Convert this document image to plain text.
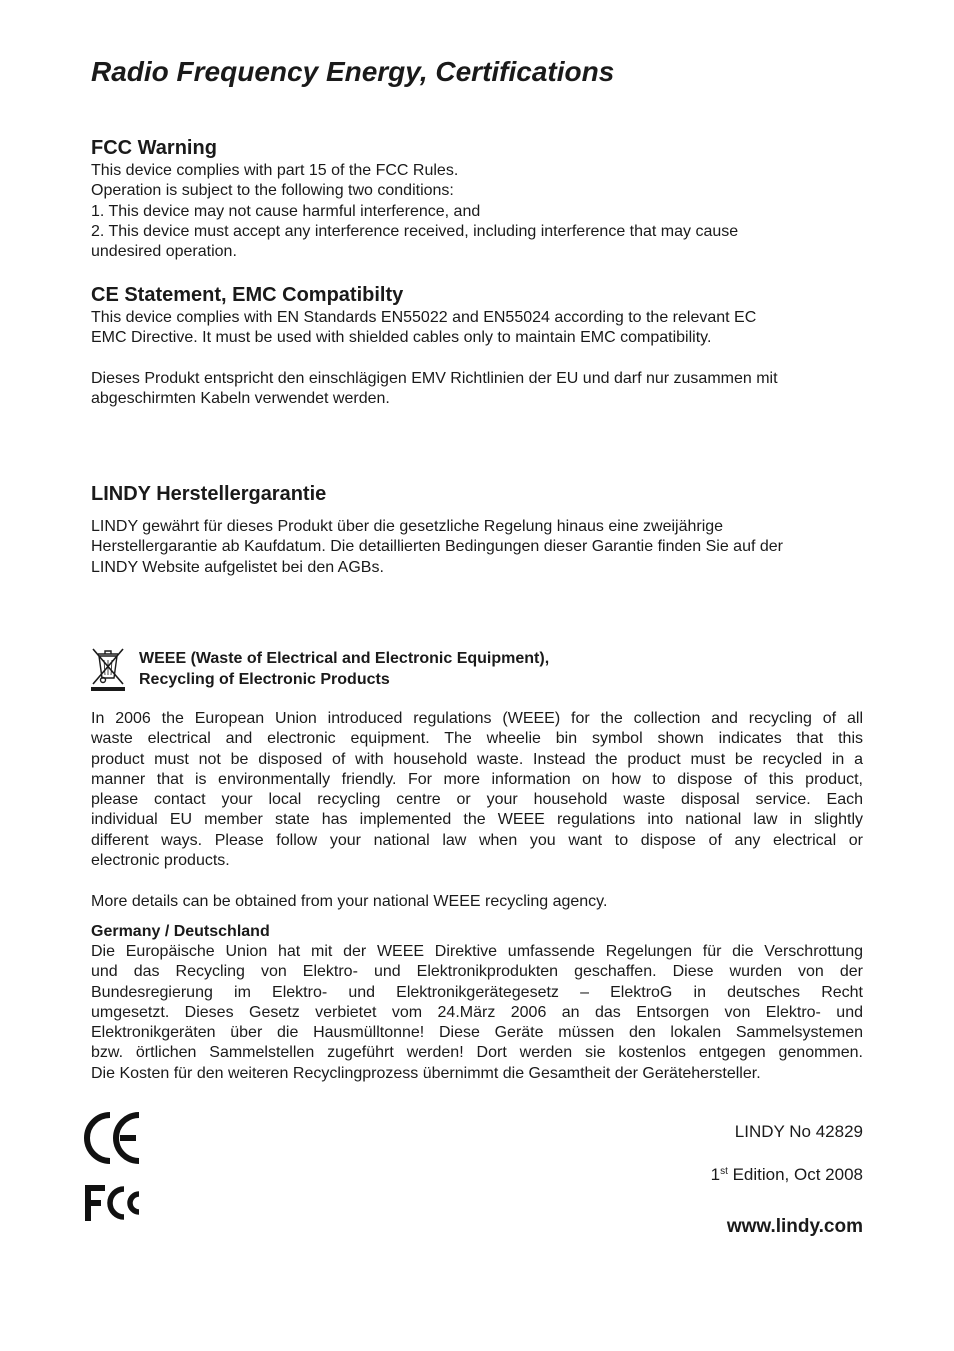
Radio Frequency Energy, Certifications
FCC Warning
This device complies with part 15 of the FCC Rules.
Operation is subject to the following two conditions:
1. This device may not cause harmful interference, and
2. This device must accept any interference received, including interference that may cause
undesired operation.
CE Statement, EMC Compatibilty
This device complies with EN Standards EN55022 and EN55024 according to the relevant EC
EMC Directive. It must be used with shielded cables only to maintain EMC compatibility.
Dieses Produkt entspricht den einschlägigen EMV Richtlinien der EU und darf nur zusammen mit
abgeschirmten Kabeln verwendet werden.
LINDY Herstellergarantie
LINDY gewährt für dieses Produkt über die gesetzliche Regelung hinaus eine zweijährige
Herstellergarantie ab Kaufdatum. Die detaillierten Bedingungen dieser Garantie finden Sie auf der
LINDY Website aufgelistet bei den AGBs.
WEEE (Waste of Electrical and Electronic Equipment),
Recycling of Electronic Products
In 2006 the European Union introduced regulations (WEEE) for the collection and recycling of all
waste electrical and electronic equipment. The wheelie bin symbol shown indicates that this
product must not be disposed of with household waste. Instead the product must be recycled in a
manner that is environmentally friendly. For more information on how to dispose of this product,
please contact your local recycling centre or your household waste disposal service. Each
individual EU member state has implemented the WEEE regulations into national law in slightly
different ways. Please follow your national law when you want to dispose of any electrical or
electronic products.
More details can be obtained from your national WEEE recycling agency.
Germany / Deutschland
Die Europäische Union hat mit der WEEE Direktive umfassende Regelungen für die Verschrottung
und das Recycling von Elektro- und Elektronikprodukten geschaffen. Diese wurden von der
Bundesregierung im Elektro- und Elektronikgerätegesetz – ElektroG in deutsches Recht
umgesetzt. Dieses Gesetz verbietet vom 24.März 2006 an das Entsorgen von Elektro- und
Elektronikgeräten über die Hausmülltonne! Diese Geräte müssen den lokalen Sammelsystemen
bzw. örtlichen Sammelstellen zugeführt werden! Dort werden sie kostenlos entgegen genommen.
Die Kosten für den weiteren Recyclingprozess übernimmt die Gesamtheit der Gerätehersteller.
LINDY No 42829
1st Edition, Oct 2008
www.lindy.com
